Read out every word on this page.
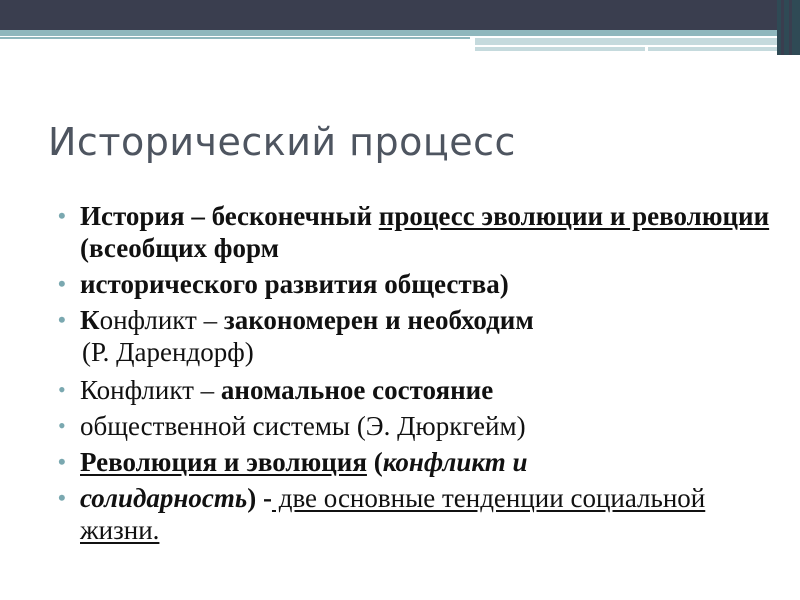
Исторический процесс
• История – бесконечный процесс эволюции и революции (всеобщих форм
• исторического развития общества)
• Конфликт – закономерен и необходим
(Р. Дарендорф)
• Конфликт – аномальное состояние
• общественной системы (Э. Дюркгейм)
• Революция и эволюция (конфликт и
• солидарность) - две основные тенденции социальной жизни.
